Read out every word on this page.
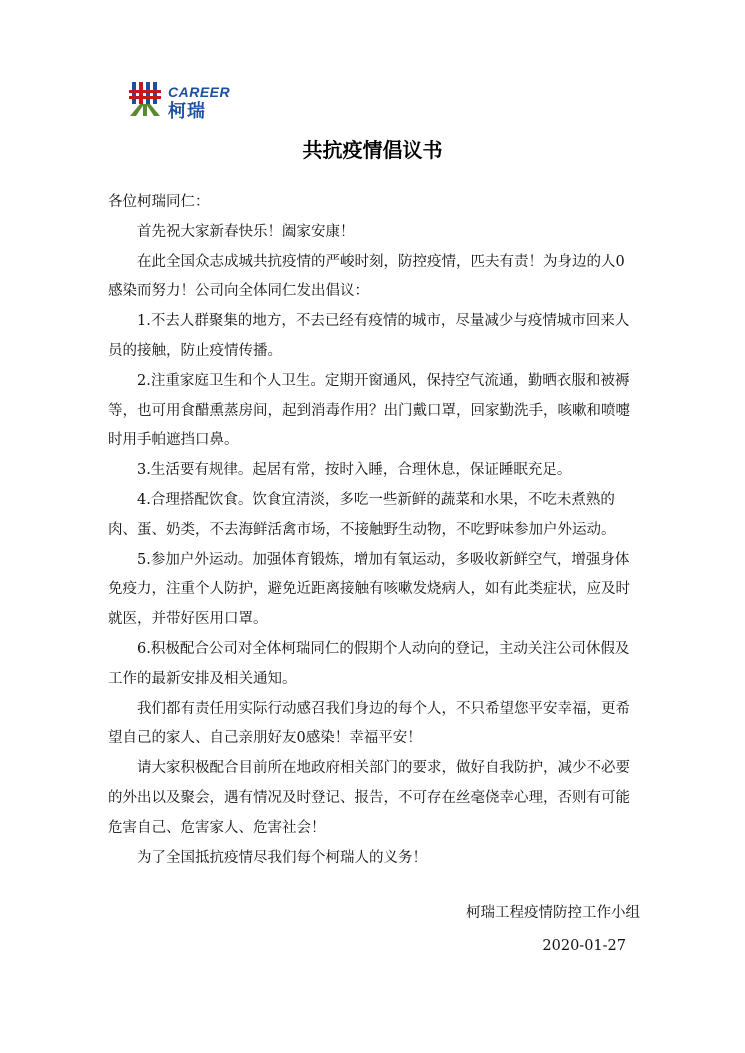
CAREER
柯瑞
共抗疫情倡议书

各位柯瑞同仁：

首先祝大家新春快乐！阖家安康！

在此全国众志成城共抗疫情的严峻时刻，防控疫情，匹夫有责！为身边的人0感染而努力！公司向全体同仁发出倡议：

1.不去人群聚集的地方，不去已经有疫情的城市，尽量减少与疫情城市回来人员的接触，防止疫情传播。

2.注重家庭卫生和个人卫生。定期开窗通风，保持空气流通，勤晒衣服和被褥等，也可用食醋熏蒸房间，起到消毒作用？出门戴口罩，回家勤洗手，咳嗽和喷嚏时用手帕遮挡口鼻。

3.生活要有规律。起居有常，按时入睡，合理休息，保证睡眠充足。

4.合理搭配饮食。饮食宜清淡，多吃一些新鲜的蔬菜和水果，不吃未煮熟的肉、蛋、奶类，不去海鲜活禽市场，不接触野生动物，不吃野味参加户外运动。

5.参加户外运动。加强体育锻炼，增加有氧运动，多吸收新鲜空气，增强身体免疫力，注重个人防护，避免近距离接触有咳嗽发烧病人，如有此类症状，应及时就医，并带好医用口罩。

6.积极配合公司对全体柯瑞同仁的假期个人动向的登记，主动关注公司休假及工作的最新安排及相关通知。

我们都有责任用实际行动感召我们身边的每个人，不只希望您平安幸福，更希望自己的家人、自己亲朋好友0感染！幸福平安！

请大家积极配合目前所在地政府相关部门的要求，做好自我防护，减少不必要的外出以及聚会，遇有情况及时登记、报告，不可存在丝毫侥幸心理，否则有可能危害自己、危害家人、危害社会！

为了全国抵抗疫情尽我们每个柯瑞人的义务！

柯瑞工程疫情防控工作小组
2020-01-27
